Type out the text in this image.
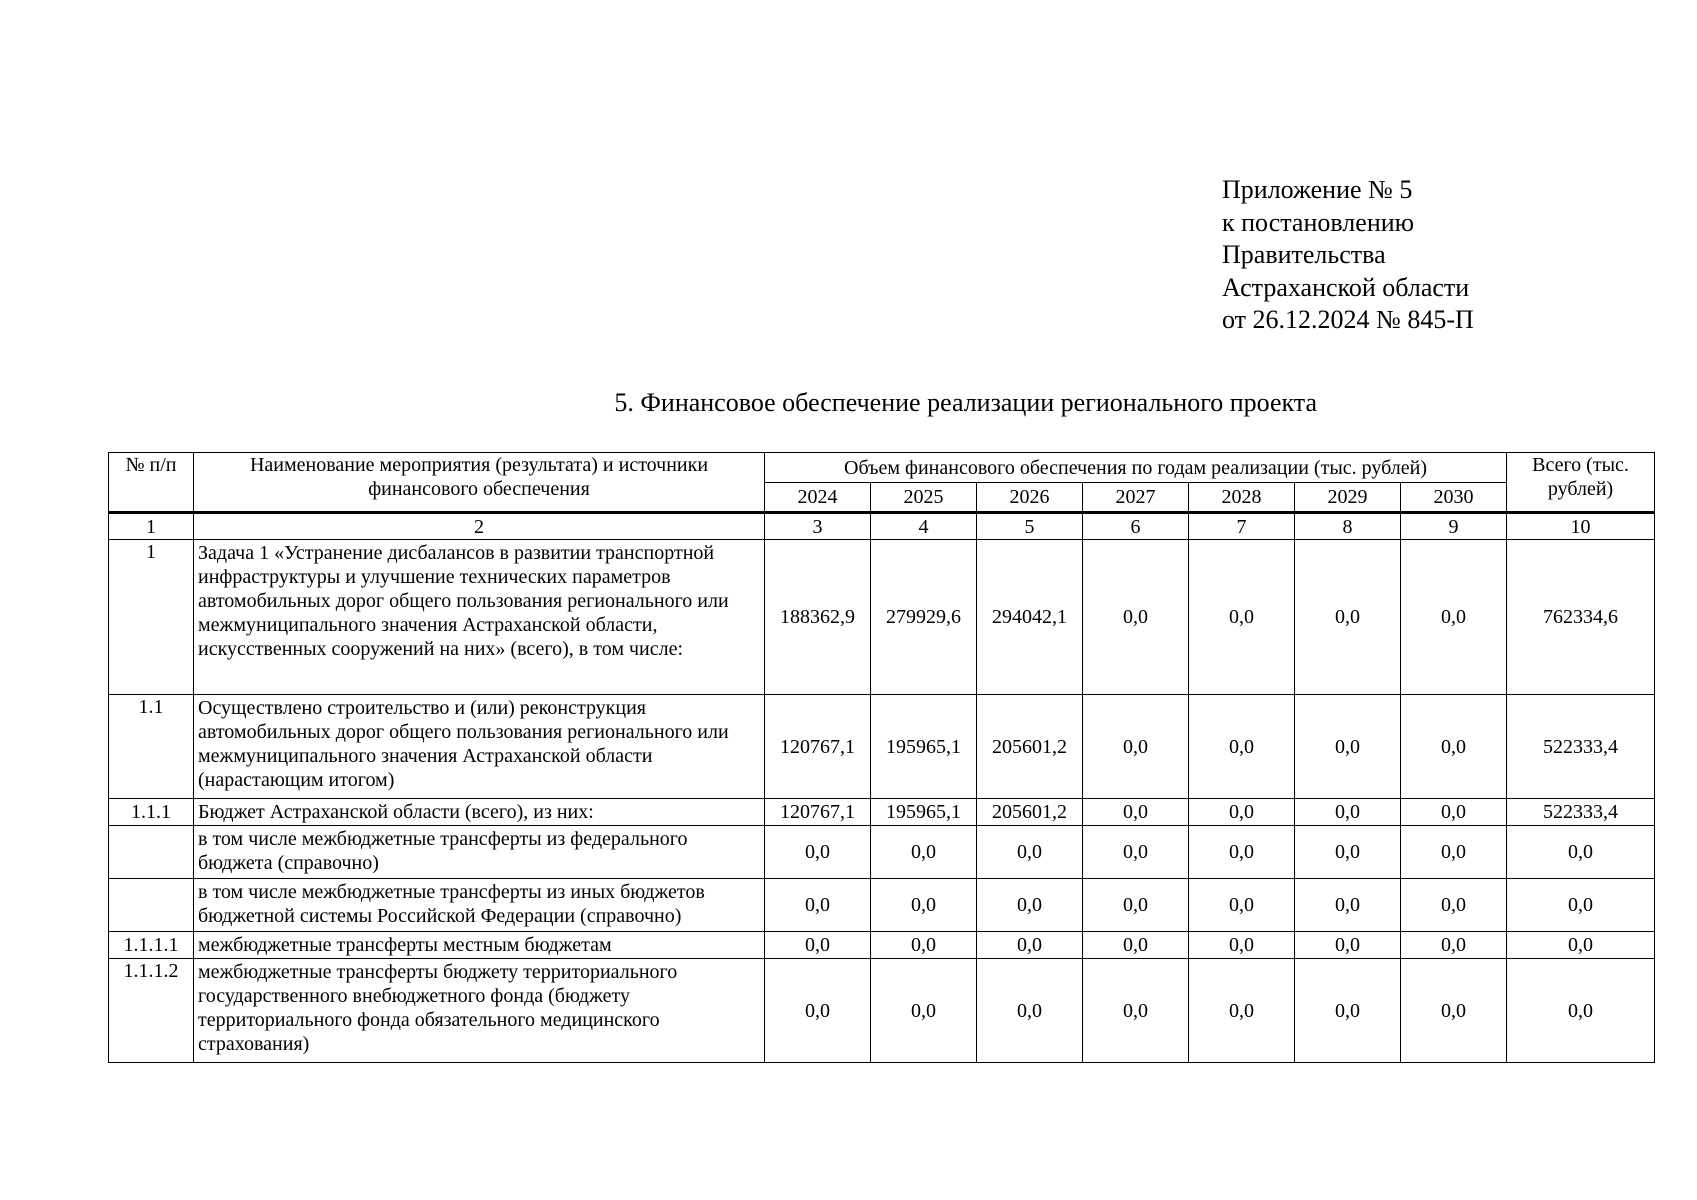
Приложение № 5
к постановлению
Правительства
Астраханской области
от 26.12.2024 № 845-П
5. Финансовое обеспечение реализации регионального проекта
№ п/п	Наименование мероприятия (результата) и источники финансового обеспечения	Объем финансового обеспечения по годам реализации (тыс. рублей)							Всего (тыс. рублей)
		2024	2025	2026	2027	2028	2029	2030	
1	2	3	4	5	6	7	8	9	10
1	Задача 1 «Устранение дисбалансов в развитии транспортной инфраструктуры и улучшение технических параметров автомобильных дорог общего пользования регионального или межмуниципального значения Астраханской области, искусственных сооружений на них» (всего), в том числе:	188362,9	279929,6	294042,1	0,0	0,0	0,0	0,0	762334,6
1.1	Осуществлено строительство и (или) реконструкция автомобильных дорог общего пользования регионального или межмуниципального значения Астраханской области (нарастающим итогом)	120767,1	195965,1	205601,2	0,0	0,0	0,0	0,0	522333,4
1.1.1	Бюджет Астраханской области (всего), из них:	120767,1	195965,1	205601,2	0,0	0,0	0,0	0,0	522333,4
	в том числе межбюджетные трансферты из федерального бюджета (справочно)	0,0	0,0	0,0	0,0	0,0	0,0	0,0	0,0
	в том числе межбюджетные трансферты из иных бюджетов бюджетной системы Российской Федерации (справочно)	0,0	0,0	0,0	0,0	0,0	0,0	0,0	0,0
1.1.1.1	межбюджетные трансферты местным бюджетам	0,0	0,0	0,0	0,0	0,0	0,0	0,0	0,0
1.1.1.2	межбюджетные трансферты бюджету территориального государственного внебюджетного фонда (бюджету территориального фонда обязательного медицинского страхования)	0,0	0,0	0,0	0,0	0,0	0,0	0,0	0,0
